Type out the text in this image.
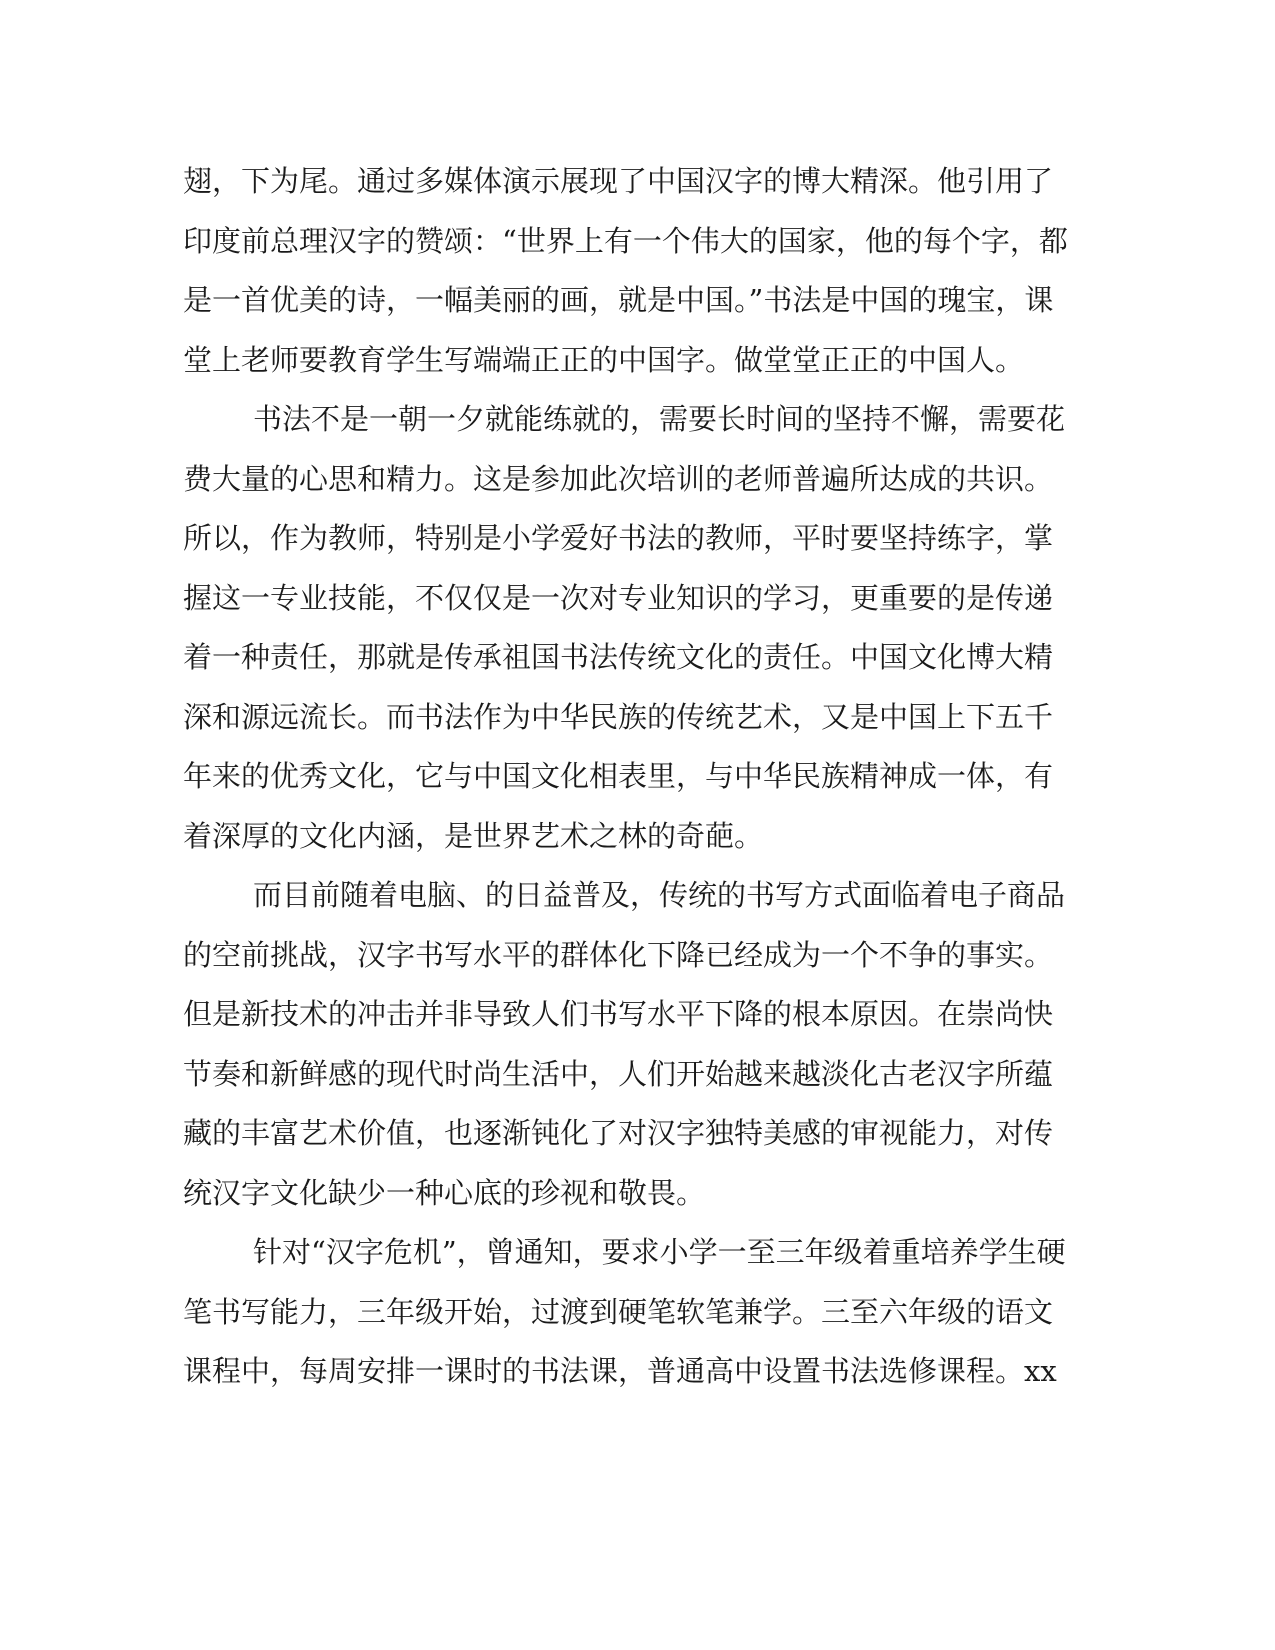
翅，下为尾。通过多媒体演示展现了中国汉字的博大精深。他引用了
印度前总理汉字的赞颂：“世界上有一个伟大的国家，他的每个字，都
是一首优美的诗，一幅美丽的画，就是中国。”书法是中国的瑰宝，课
堂上老师要教育学生写端端正正的中国字。做堂堂正正的中国人。
书法不是一朝一夕就能练就的，需要长时间的坚持不懈，需要花
费大量的心思和精力。这是参加此次培训的老师普遍所达成的共识。
所以，作为教师，特别是小学爱好书法的教师，平时要坚持练字，掌
握这一专业技能，不仅仅是一次对专业知识的学习，更重要的是传递
着一种责任，那就是传承祖国书法传统文化的责任。中国文化博大精
深和源远流长。而书法作为中华民族的传统艺术，又是中国上下五千
年来的优秀文化，它与中国文化相表里，与中华民族精神成一体，有
着深厚的文化内涵，是世界艺术之林的奇葩。
而目前随着电脑、的日益普及，传统的书写方式面临着电子商品
的空前挑战，汉字书写水平的群体化下降已经成为一个不争的事实。
但是新技术的冲击并非导致人们书写水平下降的根本原因。在崇尚快
节奏和新鲜感的现代时尚生活中，人们开始越来越淡化古老汉字所蕴
藏的丰富艺术价值，也逐渐钝化了对汉字独特美感的审视能力，对传
统汉字文化缺少一种心底的珍视和敬畏。
针对“汉字危机”，曾通知，要求小学一至三年级着重培养学生硬
笔书写能力，三年级开始，过渡到硬笔软笔兼学。三至六年级的语文
课程中，每周安排一课时的书法课，普通高中设置书法选修课程。xx
